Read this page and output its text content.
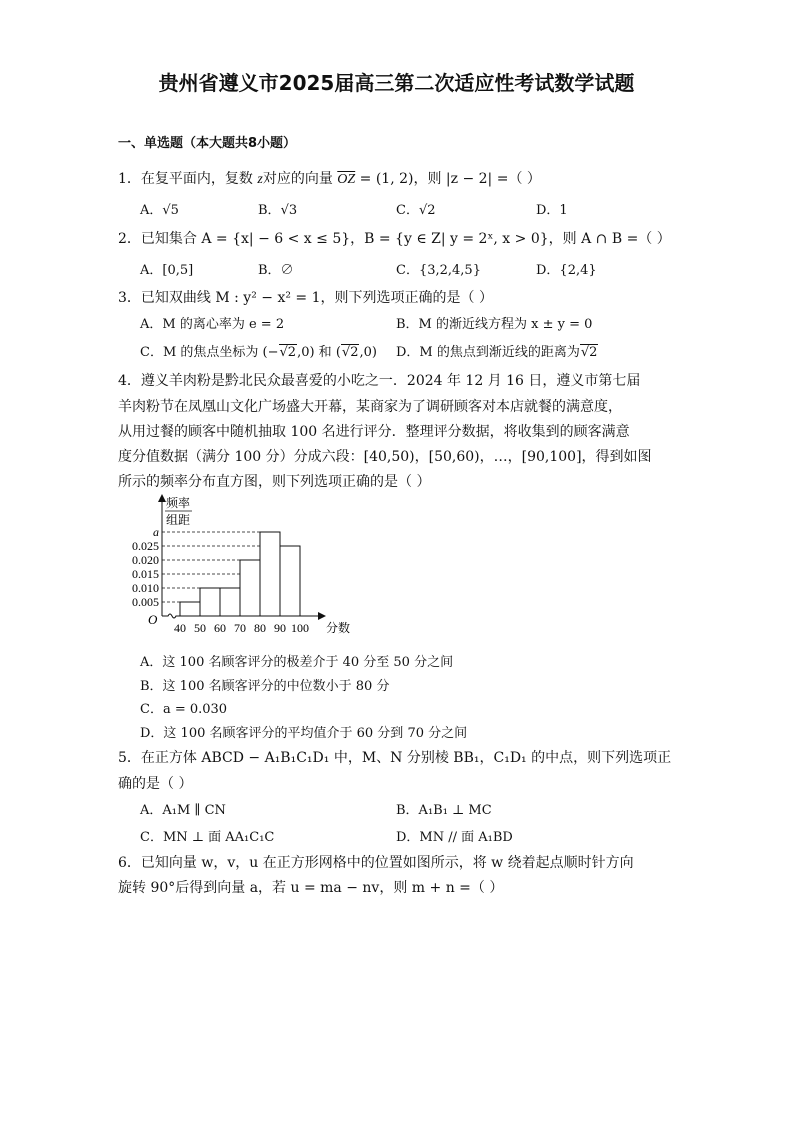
贵州省遵义市2025届高三第二次适应性考试数学试题
一、单选题（本大题共8小题）
1．在复平面内，复数 z对应的向量 $\overline{OZ} = (1$, 2)，则 |z − 2| =（ ）
A．√5	B．√3	C．√2	D．1
2．已知集合 A = {x| − 6 < x ≤ 5}，B = {y ∈ Z| y = 2ˣ, x > 0}，则 A ∩ B =（ ）
A．[0,5]	B．∅	C．{3,2,4,5}	D．{2,4}
3．已知双曲线 M : y² − x² = 1，则下列选项正确的是（ ）
A．M 的离心率为 e = 2	B．M 的渐近线方程为 x ± y = 0
C．M 的焦点坐标为 (−√2,0) 和 (√2,0) D．M 的焦点到渐近线的距离为√2
4．遵义羊肉粉是黔北民众最喜爱的小吃之一．2024 年 12 月 16 日，遵义市第七届
羊肉粉节在凤凰山文化广场盛大开幕，某商家为了调研顾客对本店就餐的满意度，
从用过餐的顾客中随机抽取 100 名进行评分．整理评分数据，将收集到的顾客满意
度分值数据（满分 100 分）分成六段：[40,50)，[50,60)，…，[90,100]，得到如图
所示的频率分布直方图，则下列选项正确的是（ ）
0.005
0.010
0.015
0.020
0.025
a
40 50 60 70 80 90 100 分数
O
频率
组距
A．这 100 名顾客评分的极差介于 40 分至 50 分之间
B．这 100 名顾客评分的中位数小于 80 分
C．a = 0.030
D．这 100 名顾客评分的平均值介于 60 分到 70 分之间
5．在正方体 ABCD − A₁B₁C₁D₁ 中，M、N 分别棱 BB₁，C₁D₁ 的中点，则下列选项正
确的是（ ）
A．A₁M ∥ CN	B．A₁B₁ ⊥ MC
C．MN ⊥ 面 AA₁C₁C	D．MN // 面 A₁BD
6．已知向量 w，v，u 在正方形网格中的位置如图所示，将 w 绕着起点顺时针方向
旋转 90°后得到向量 a，若 u = ma − nv，则 m + n =（ ）
